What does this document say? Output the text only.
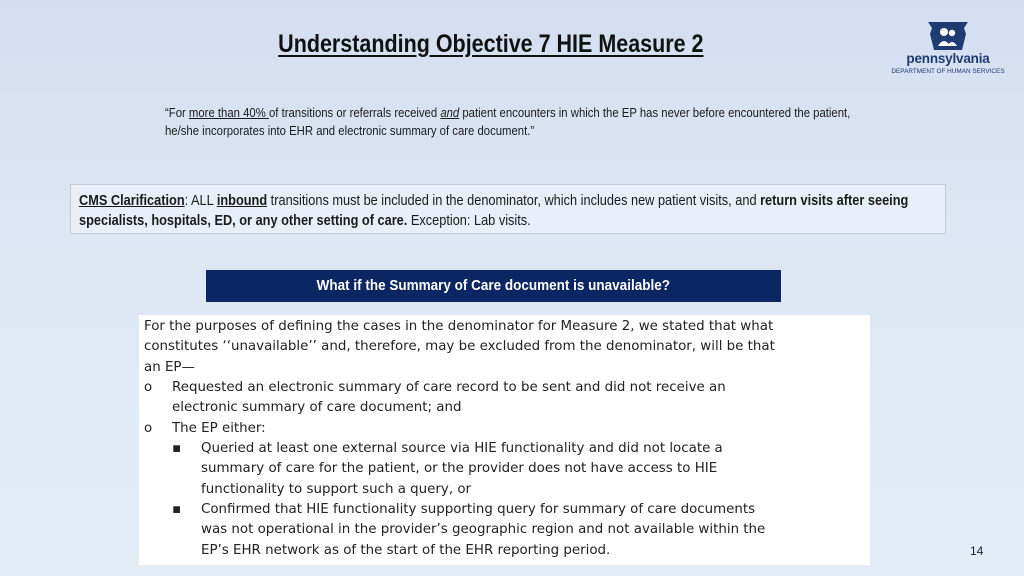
Understanding Objective 7 HIE Measure 2
pennsylvania
DEPARTMENT OF HUMAN SERVICES
“For more than 40% of transitions or referrals received and patient encounters in which the EP has never before encountered the patient, he/she incorporates into EHR and electronic summary of care document.”
CMS Clarification: ALL inbound transitions must be included in the denominator, which includes new patient visits, and return visits after seeing specialists, hospitals, ED, or any other setting of care. Exception: Lab visits.
What if the Summary of Care document is unavailable?
For the purposes of defining the cases in the denominator for Measure 2, we stated that what
constitutes ‘‘unavailable’’ and, therefore, may be excluded from the denominator, will be that
an EP—
o Requested an electronic summary of care record to be sent and did not receive an
electronic summary of care document; and
o The EP either:
▪ Queried at least one external source via HIE functionality and did not locate a
summary of care for the patient, or the provider does not have access to HIE
functionality to support such a query, or
▪ Confirmed that HIE functionality supporting query for summary of care documents
was not operational in the provider’s geographic region and not available within the
EP’s EHR network as of the start of the EHR reporting period.	14
